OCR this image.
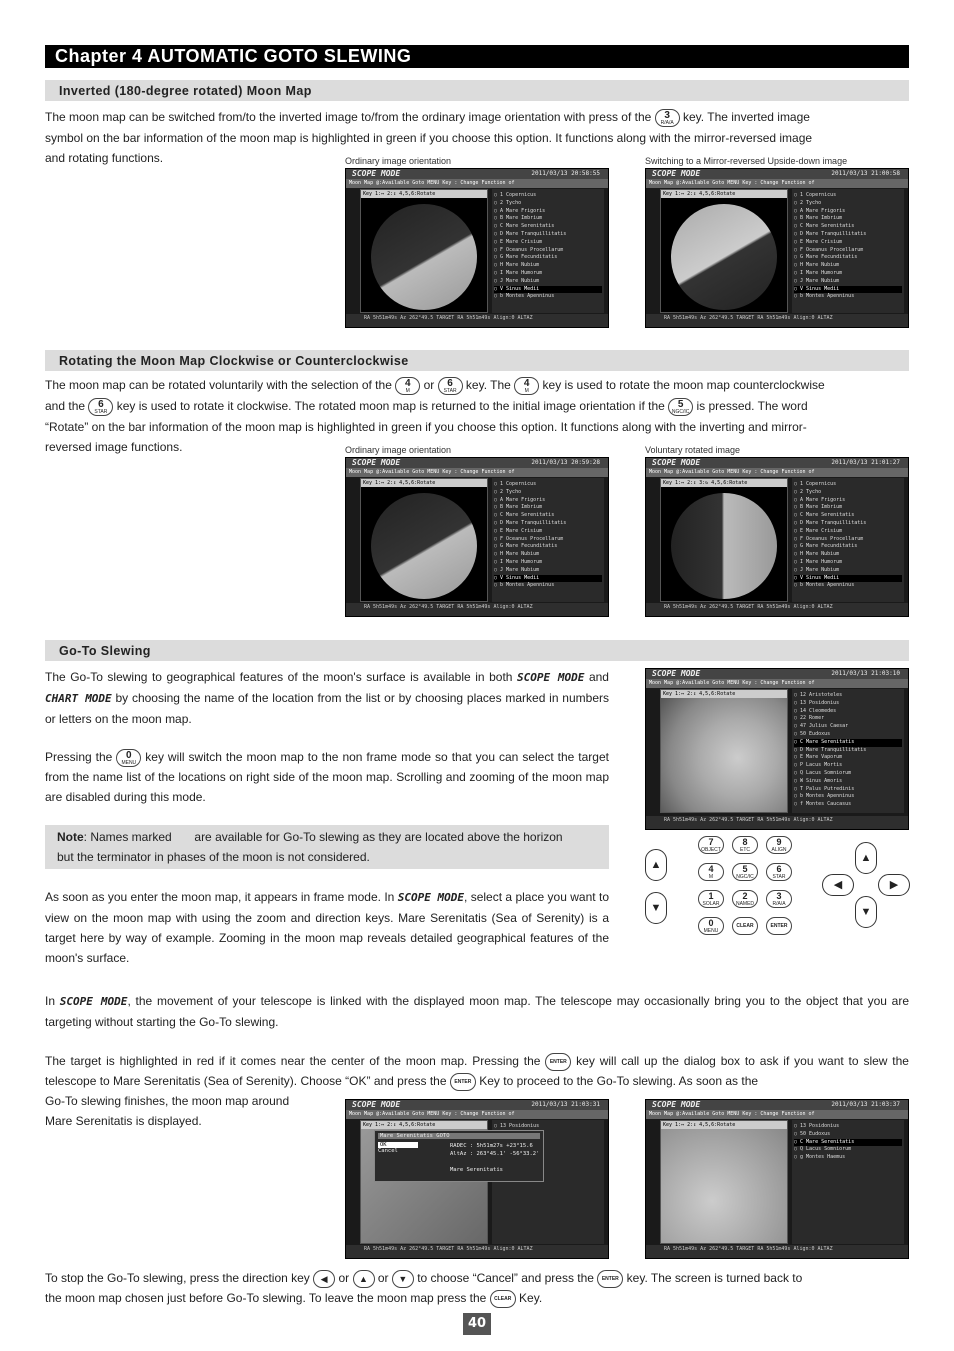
Chapter 4 AUTOMATIC GOTO SLEWING
Inverted (180-degree rotated) Moon Map
The moon map can be switched from/to the inverted image to/from the ordinary image orientation with press of the 3
R/A/A key. The inverted image
symbol on the bar information of the moon map is highlighted in green if you choose this option. It functions along with the mirror-reversed image
and rotating functions.	Ordinary image orientation	Switching to a Mirror-reversed Upside-down image
SCOPE MODE	2011/03/13 20:58:55
Moon Map @:Available Goto MENU Key : Change Function of
Key 1:↔ 2:↕ 4,5,6:Rotate	○ 1 Copernicus
○ 2 Tycho
○ A Mare Frigoris
○ B Mare Imbrium
○ C Mare Serenitatis
○ D Mare Tranquillitatis
○ E Mare Crisium
○ F Oceanus Procellarum
○ G Mare Fecunditatis
○ H Mare Nubium
○ I Mare Humorum
○ J Mare Nubium
○ V Sinus Medii
○ b Montes Apenninus
RA 5h51m49s Az 262°49.5 TARGET RA 5h51m49s Align:0 ALTAZ
SCOPE MODE	2011/03/13 21:00:58
Moon Map @:Available Goto MENU Key : Change Function of
Key 1:↔ 2:↕ 4,5,6:Rotate	○ 1 Copernicus
○ 2 Tycho
○ A Mare Frigoris
○ B Mare Imbrium
○ C Mare Serenitatis
○ D Mare Tranquillitatis
○ E Mare Crisium
○ F Oceanus Procellarum
○ G Mare Fecunditatis
○ H Mare Nubium
○ I Mare Humorum
○ J Mare Nubium
○ V Sinus Medii
○ b Montes Apenninus
RA 5h51m49s Az 262°49.5 TARGET RA 5h51m49s Align:0 ALTAZ
Rotating the Moon Map Clockwise or Counterclockwise
The moon map can be rotated voluntarily with the selection of the 4
M	or 6
STAR key. The 4
M	key is used to rotate the moon map counterclockwise
and the 6
STAR key is used to rotate it clockwise. The rotated moon map is returned to the initial image orientation if the 5
NGC/IC is pressed. The word
“Rotate” on the bar information of the moon map is highlighted in green if you choose this option. It functions along with the inverting and mirror-
reversed image functions.	Ordinary image orientation	Voluntary rotated image
SCOPE MODE	2011/03/13 20:59:28
Moon Map @:Available Goto MENU Key : Change Function of
Key 1:↔ 2:↕ 4,5,6:Rotate	○ 1 Copernicus
○ 2 Tycho
○ A Mare Frigoris
○ B Mare Imbrium
○ C Mare Serenitatis
○ D Mare Tranquillitatis
○ E Mare Crisium
○ F Oceanus Procellarum
○ G Mare Fecunditatis
○ H Mare Nubium
○ I Mare Humorum
○ J Mare Nubium
○ V Sinus Medii
○ b Montes Apenninus
RA 5h51m49s Az 262°49.5 TARGET RA 5h51m49s Align:0 ALTAZ
SCOPE MODE	2011/03/13 21:01:27
Moon Map @:Available Goto MENU Key : Change Function of
Key 1:↔ 2:↕ 3:↻ 4,5,6:Rotate	○ 1 Copernicus
○ 2 Tycho
○ A Mare Frigoris
○ B Mare Imbrium
○ C Mare Serenitatis
○ D Mare Tranquillitatis
○ E Mare Crisium
○ F Oceanus Procellarum
○ G Mare Fecunditatis
○ H Mare Nubium
○ I Mare Humorum
○ J Mare Nubium
○ V Sinus Medii
○ b Montes Apenninus
RA 5h51m49s Az 262°49.5 TARGET RA 5h51m49s Align:0 ALTAZ
Go-To Slewing
The Go-To slewing to geographical features of the moon's surface is available in both SCOPE MODE and CHART MODE by choosing the name of the location from the list or by choosing places marked in numbers or letters on the moon map.
Pressing the 0
MENU key will switch the moon map to the non frame mode so that you can select the target from the name list of the locations on right side of the moon map. Scrolling and zooming of the moon map are disabled during this mode.
Note: Names marked are available for Go-To slewing as they are located above the horizon
but the terminator in phases of the moon is not considered.
As soon as you enter the moon map, it appears in frame mode. In SCOPE MODE, select a place you want to view on the moon map with using the zoom and direction keys. Mare Serenitatis (Sea of Serenity) is a target here by way of example. Zooming in the moon map reveals detailed geographical features of the moon's surface.
In SCOPE MODE, the movement of your telescope is linked with the displayed moon map. The telescope may occasionally bring you to the object that you are targeting without starting the Go-To slewing.
The target is highlighted in red if it comes near the center of the moon map. Pressing the ENTER key will call up the dialog box to ask if you want to slew the telescope to Mare Serenitatis (Sea of Serenity). Choose “OK” and press the ENTER Key to proceed to the Go-To slewing. As soon as the
Go-To slewing finishes, the moon map around
Mare Serenitatis is displayed.
To stop the Go-To slewing, press the direction key ◀ or ▲ or ▼ to choose “Cancel” and press the ENTER key. The screen is turned back to
the moon map chosen just before Go-To slewing. To leave the moon map press the CLEAR Key.
SCOPE MODE	2011/03/13 21:03:10
Moon Map @:Available Goto MENU Key : Change Function of
Key 1:↔ 2:↕ 4,5,6:Rotate	○ 12 Aristoteles
○ 13 Posidonius
○ 14 Cleomedes
○ 22 Romer
○ 47 Julius Caesar
○ 50 Eudoxus
○ C Mare Serenitatis
○ D Mare Tranquillitatis
○ E Mare Vaporum
○ P Lacus Mortis
○ Q Lacus Somniorum
○ W Sinus Amoris
○ T Palus Putredinis
○ b Montes Apenninus
○ f Montes Caucasus
RA 5h51m49s Az 262°49.5 TARGET RA 5h51m49s Align:0 ALTAZ
SCOPE MODE	2011/03/13 21:03:31
Moon Map @:Available Goto MENU Key : Change Function of
Key 1:↔ 2:↕ 4,5,6:Rotate	○ 13 Posidonius
RA 5h51m49s Az 262°49.5 TARGET RA 5h51m49s Align:0 ALTAZ
Mare Serenitatis GOTO
OK
Cancel
RADEC : 5h51m27s +23°15.6
AltAz : 263°45.1' -56°33.2'
Mare Serenitatis
SCOPE MODE	2011/03/13 21:03:37
Moon Map @:Available Goto MENU Key : Change Function of
Key 1:↔ 2:↕ 4,5,6:Rotate	○ 13 Posidonius
○ 50 Eudoxus
○ C Mare Serenitatis
○ Q Lacus Somniorum
○ g Montes Haemus
RA 5h51m49s Az 262°49.5 TARGET RA 5h51m49s Align:0 ALTAZ
7
OBJECT
8
ETC
9
ALIGN
4
M
5
NGC/IC
6
STAR
1
SOLAR
2
NAMED
3
R/A/A
0
MENU
CLEAR	ENTER
▲
▼
▲
◀	▶
▼
40
